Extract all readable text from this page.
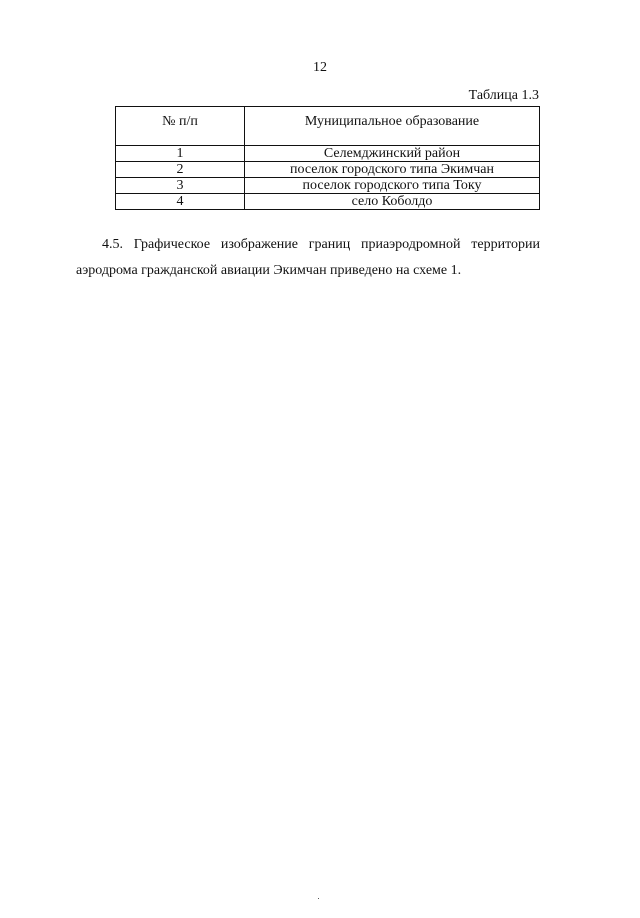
12
Таблица 1.3
№ п/п	Муниципальное образование
1	Селемджинский район
2	поселок городского типа Экимчан
3	поселок городского типа Току
4	село Коболдо
4.5. Графическое изображение границ приаэродромной территории аэродрома гражданской авиации Экимчан приведено на схеме 1.
